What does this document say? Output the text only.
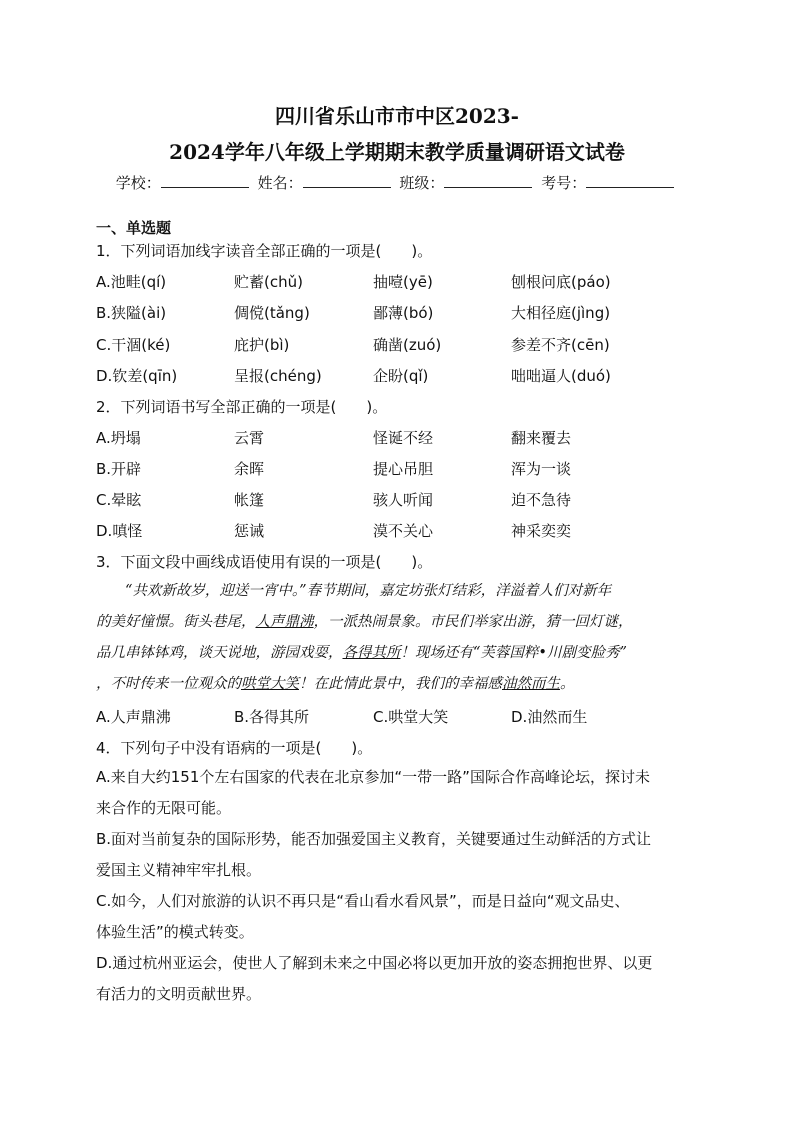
四川省乐山市市中区2023-
2024学年八年级上学期期末教学质量调研语文试卷
学校：	姓名：	班级：	考号：
一、单选题
1．下列词语加线字读音全部正确的一项是(　　)。
A.池畦(qí)	贮蓄(chǔ)	抽噎(yē)	刨根问底(páo)
B.狭隘(ài)	倜傥(tǎng)	鄙薄(bó)	大相径庭(jìng)
C.干涸(ké)	庇护(bì)	确凿(zuó)	参差不齐(cēn)
D.钦差(qīn)	呈报(chéng)	企盼(qǐ)	咄咄逼人(duó)
2．下列词语书写全部正确的一项是(　　)。
A.坍塌	云霄	怪诞不经	翻来覆去
B.开辟	余晖	提心吊胆	浑为一谈
C.晕眩	帐篷	骇人听闻	迫不急待
D.嗔怪	惩诫	漠不关心	神采奕奕
3．下面文段中画线成语使用有误的一项是(　　)。
“共欢新故岁，迎送一宵中。”春节期间，嘉定坊张灯结彩，洋溢着人们对新年
的美好憧憬。街头巷尾，人声鼎沸，一派热闹景象。市民们举家出游，猜一回灯谜，
品几串钵钵鸡，谈天说地，游园戏耍，各得其所！现场还有“芙蓉国粹•川剧变脸秀”
，不时传来一位观众的哄堂大笑！在此情此景中，我们的幸福感油然而生。
A.人声鼎沸	B.各得其所	C.哄堂大笑	D.油然而生
4．下列句子中没有语病的一项是(　　)。
A.来自大约151个左右国家的代表在北京参加“一带一路”国际合作高峰论坛，探讨未
来合作的无限可能。
B.面对当前复杂的国际形势，能否加强爱国主义教育，关键要通过生动鲜活的方式让
爱国主义精神牢牢扎根。
C.如今，人们对旅游的认识不再只是“看山看水看风景”，而是日益向“观文品史、
体验生活”的模式转变。
D.通过杭州亚运会，使世人了解到未来之中国必将以更加开放的姿态拥抱世界、以更
有活力的文明贡献世界。
